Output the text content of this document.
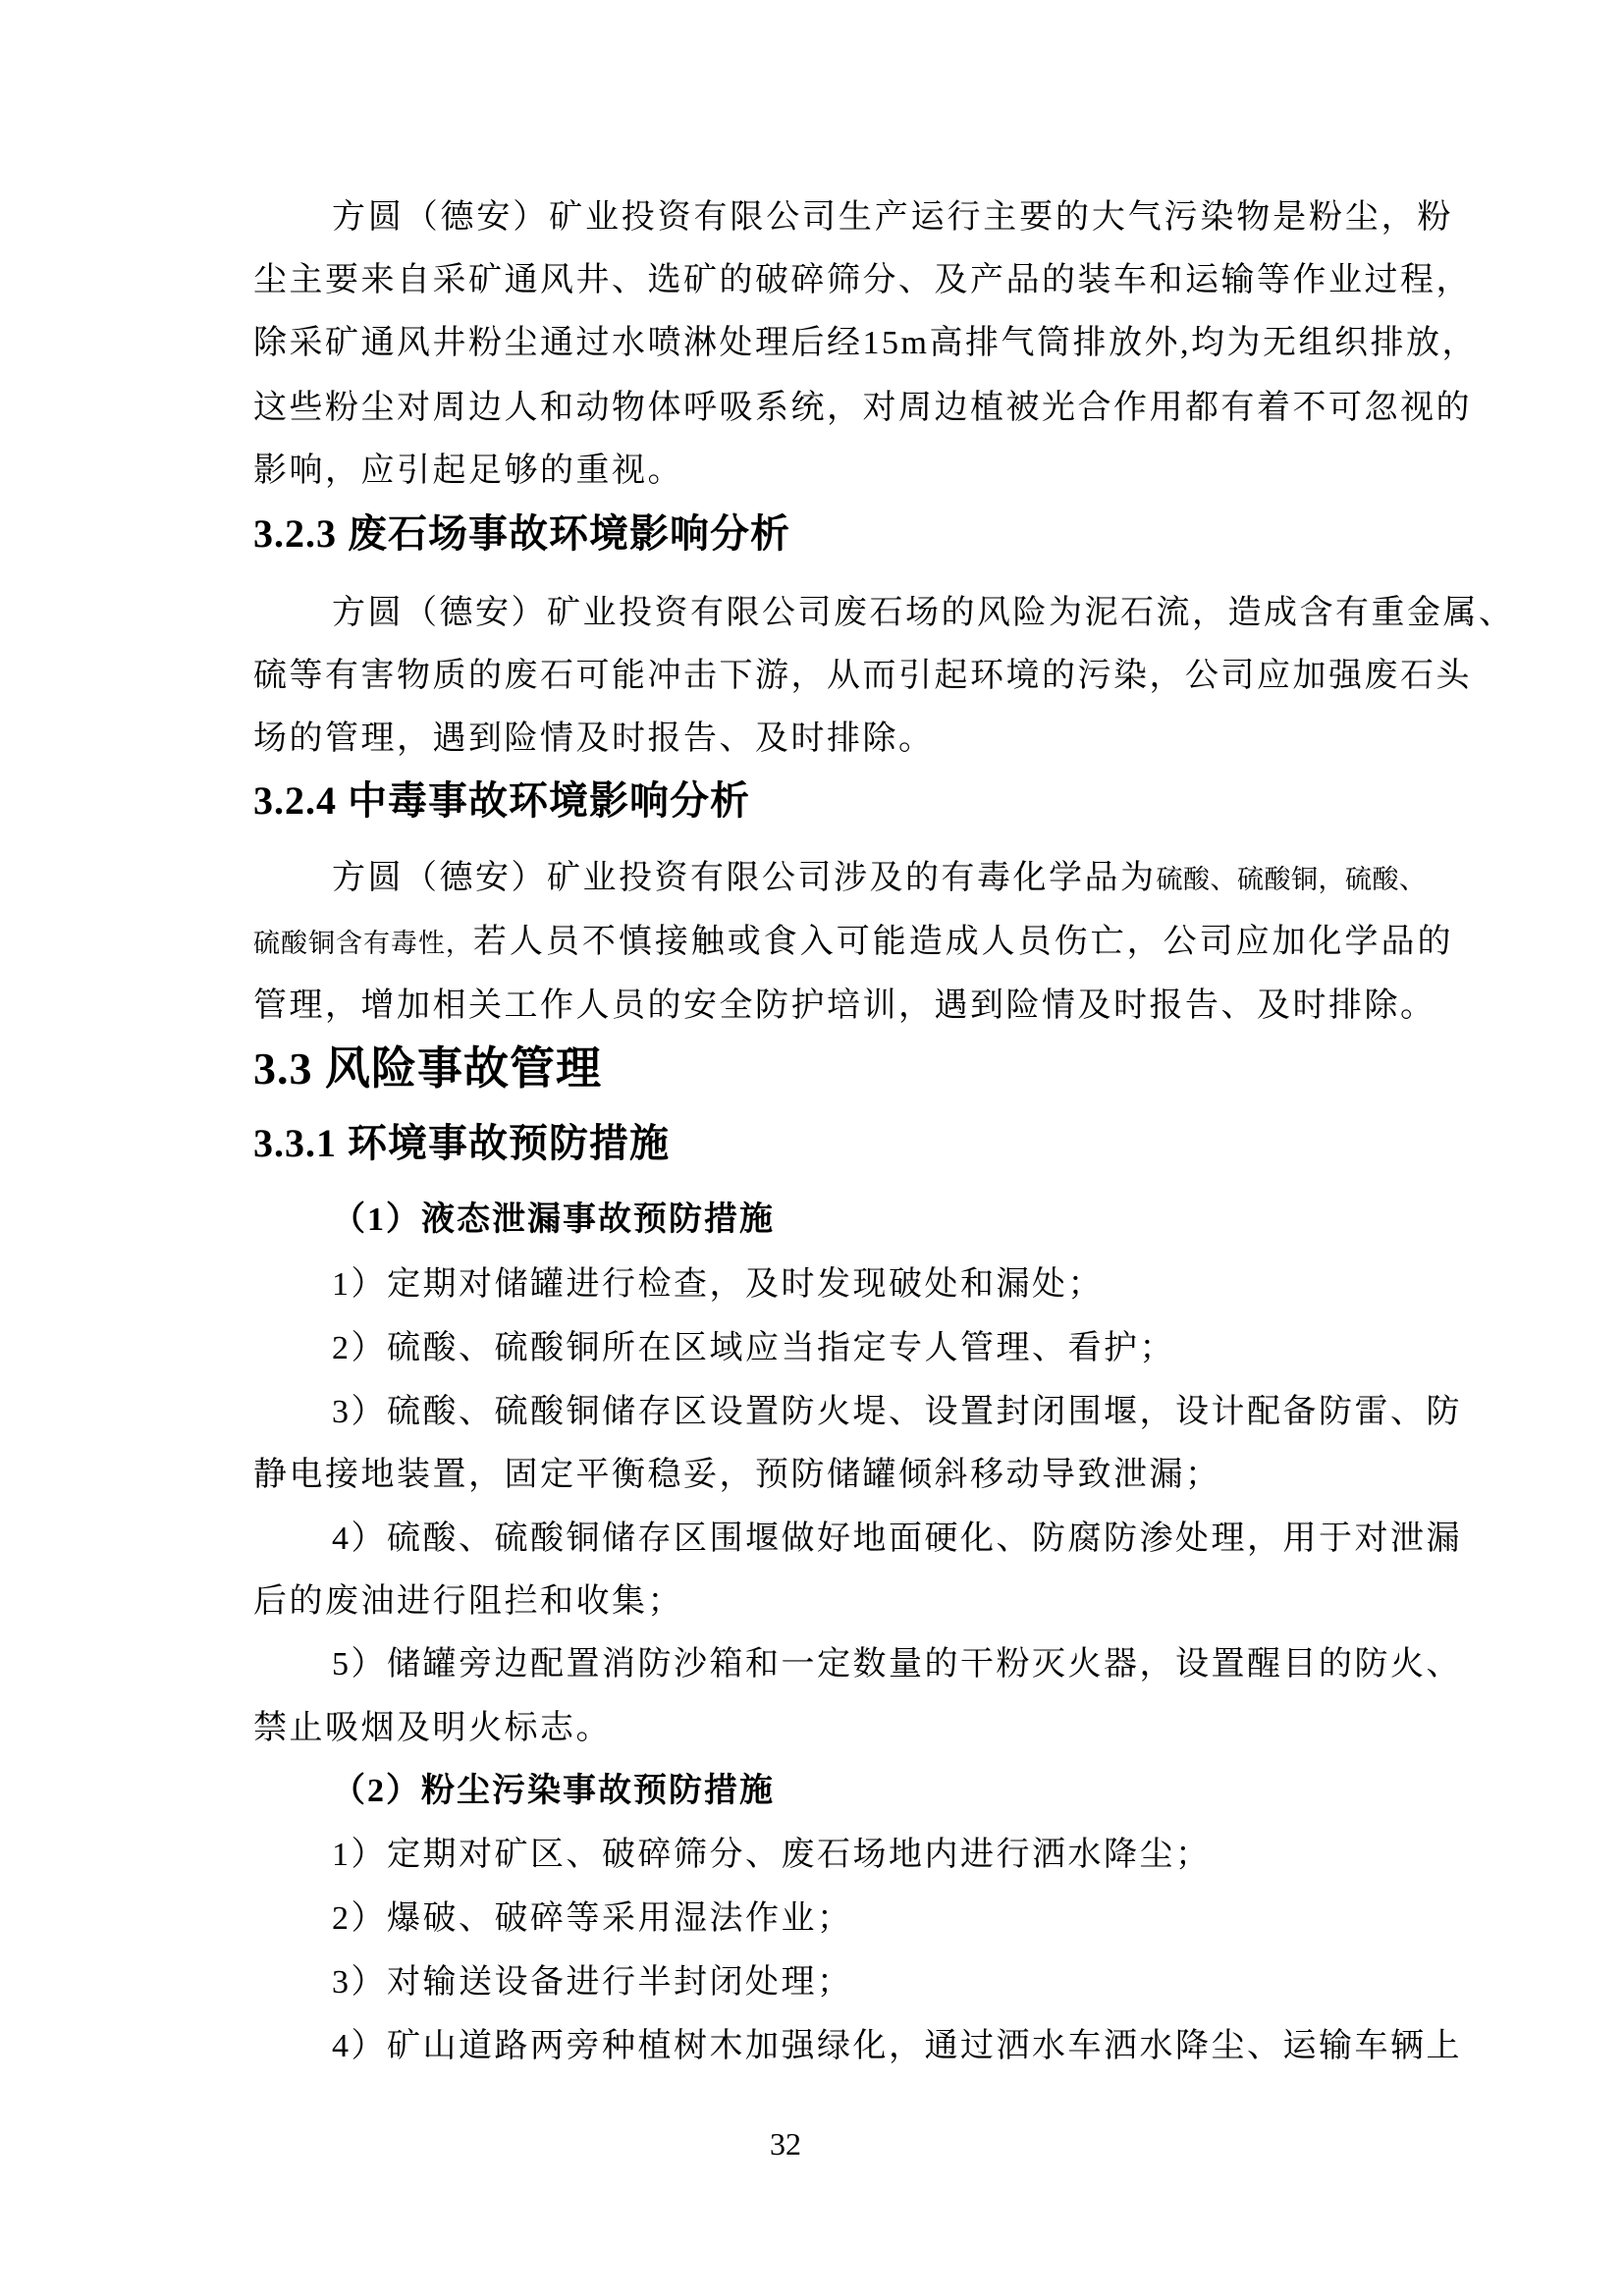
方圆（德安）矿业投资有限公司生产运行主要的大气污染物是粉尘，粉
尘主要来自采矿通风井、选矿的破碎筛分、及产品的装车和运输等作业过程，
除采矿通风井粉尘通过水喷淋处理后经15m高排气筒排放外,均为无组织排放，
这些粉尘对周边人和动物体呼吸系统，对周边植被光合作用都有着不可忽视的
影响，应引起足够的重视。
3.2.3 废石场事故环境影响分析
方圆（德安）矿业投资有限公司废石场的风险为泥石流，造成含有重金属、
硫等有害物质的废石可能冲击下游，从而引起环境的污染，公司应加强废石头
场的管理，遇到险情及时报告、及时排除。
3.2.4 中毒事故环境影响分析
方圆（德安）矿业投资有限公司涉及的有毒化学品为硫酸、硫酸铜，硫酸、
硫酸铜含有毒性，若人员不慎接触或食入可能造成人员伤亡，公司应加化学品的
管理，增加相关工作人员的安全防护培训，遇到险情及时报告、及时排除。
3.3 风险事故管理
3.3.1 环境事故预防措施
（1）液态泄漏事故预防措施
1）定期对储罐进行检查，及时发现破处和漏处；
2）硫酸、硫酸铜所在区域应当指定专人管理、看护；
3）硫酸、硫酸铜储存区设置防火堤、设置封闭围堰，设计配备防雷、防
静电接地装置，固定平衡稳妥，预防储罐倾斜移动导致泄漏；
4）硫酸、硫酸铜储存区围堰做好地面硬化、防腐防渗处理，用于对泄漏
后的废油进行阻拦和收集；
5）储罐旁边配置消防沙箱和一定数量的干粉灭火器，设置醒目的防火、
禁止吸烟及明火标志。
（2）粉尘污染事故预防措施
1）定期对矿区、破碎筛分、废石场地内进行洒水降尘；
2）爆破、破碎等采用湿法作业；
3）对输送设备进行半封闭处理；
4）矿山道路两旁种植树木加强绿化，通过洒水车洒水降尘、运输车辆上
32
